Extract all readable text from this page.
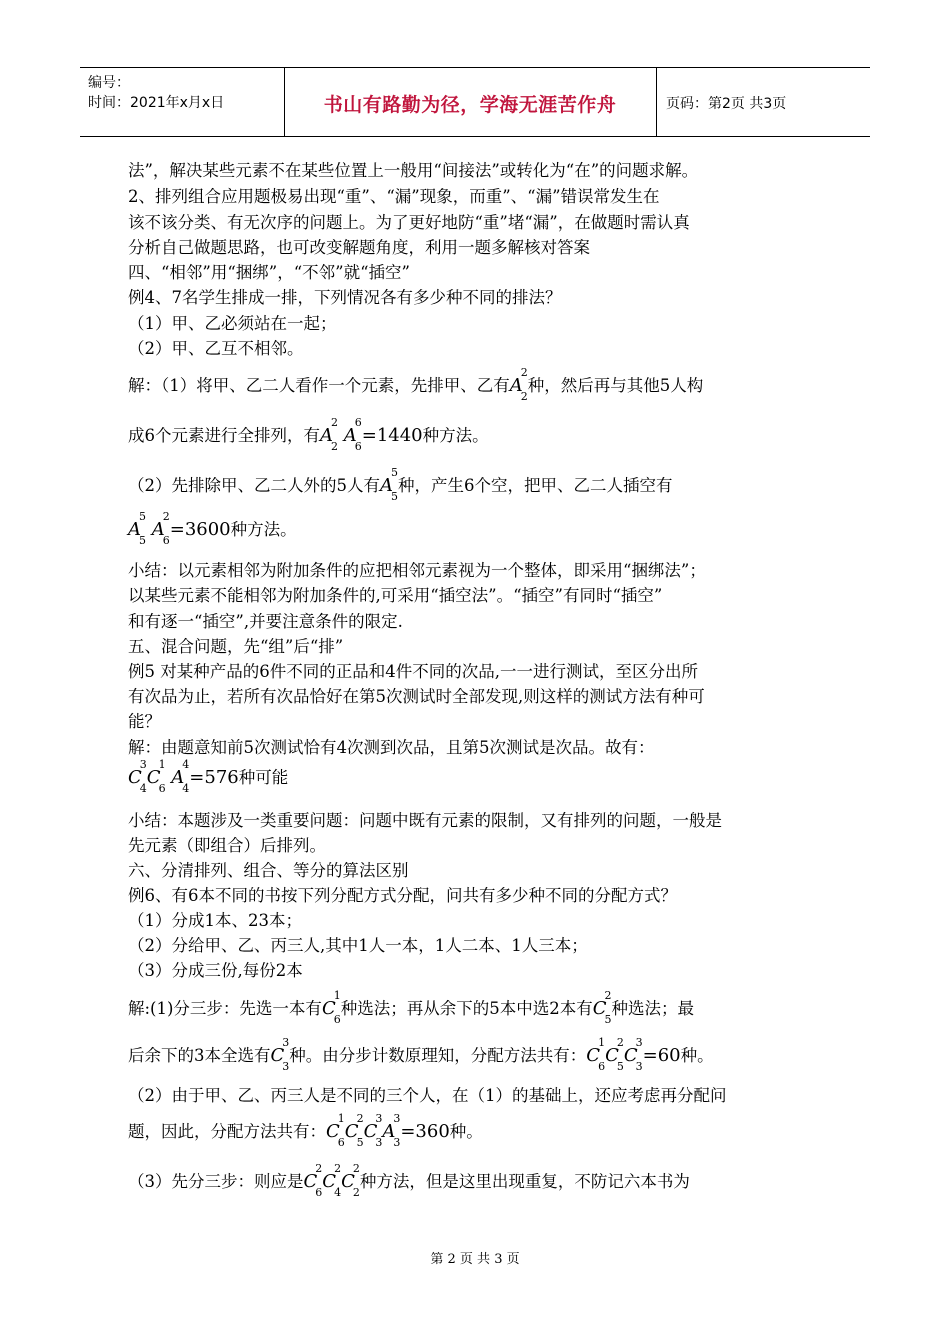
编号：
时间：2021年x月x日	书山有路勤为径，学海无涯苦作舟	页码：第2页 共3页
法”，解决某些元素不在某些位置上一般用“间接法”或转化为“在”的问题求解。
2、排列组合应用题极易出现“重”、“漏”现象，而重”、“漏”错误常发生在
该不该分类、有无次序的问题上。为了更好地防“重”堵“漏”，在做题时需认真
分析自己做题思路，也可改变解题角度，利用一题多解核对答案
四、“相邻”用“捆绑”，“不邻”就“插空”
例4、7名学生排成一排，下列情况各有多少种不同的排法？
（1）甲、乙必须站在一起；
（2）甲、乙互不相邻。
解：（1）将甲、乙二人看作一个元素，先排甲、乙有$A^2_2$种，然后再与其他5人构
成6个元素进行全排列，有$A^2_2$ $A^6_6=1440$种方法。
（2）先排除甲、乙二人外的5人有$A^5_5$种，产生6个空，把甲、乙二人插空有
$A^5_5$ $A^2_6=3600$种方法。
小结：以元素相邻为附加条件的应把相邻元素视为一个整体，即采用“捆绑法”；
以某些元素不能相邻为附加条件的,可采用“插空法”。“插空”有同时“插空”
和有逐一“插空”,并要注意条件的限定.
五、混合问题，先“组”后“排”
例5 对某种产品的6件不同的正品和4件不同的次品,一一进行测试，至区分出所
有次品为止，若所有次品恰好在第5次测试时全部发现,则这样的测试方法有种可
能？
解：由题意知前5次测试恰有4次测到次品，且第5次测试是次品。故有：
$C^3_4C^1_6$ $A^4_4=576$种可能
小结：本题涉及一类重要问题：问题中既有元素的限制，又有排列的问题，一般是
先元素（即组合）后排列。
六、分清排列、组合、等分的算法区别
例6、有6本不同的书按下列分配方式分配，问共有多少种不同的分配方式？
（1）分成1本、23本；
（2）分给甲、乙、丙三人,其中1人一本，1人二本、1人三本；
（3）分成三份,每份2本
解:(1)分三步：先选一本有$C^1_6$种选法；再从余下的5本中选2本有$C^2_5$种选法；最
后余下的3本全选有$C^3_3$种。由分步计数原理知，分配方法共有：$C^1_6C^2_5C^3_3=60$种。
（2）由于甲、乙、丙三人是不同的三个人，在（1）的基础上，还应考虑再分配问
题，因此，分配方法共有：$C^1_6C^2_5C^3_3A^3_3=360$种。
（3）先分三步：则应是$C^2_6C^2_4C^2_2$种方法，但是这里出现重复，不防记六本书为
第 2 页 共 3 页
